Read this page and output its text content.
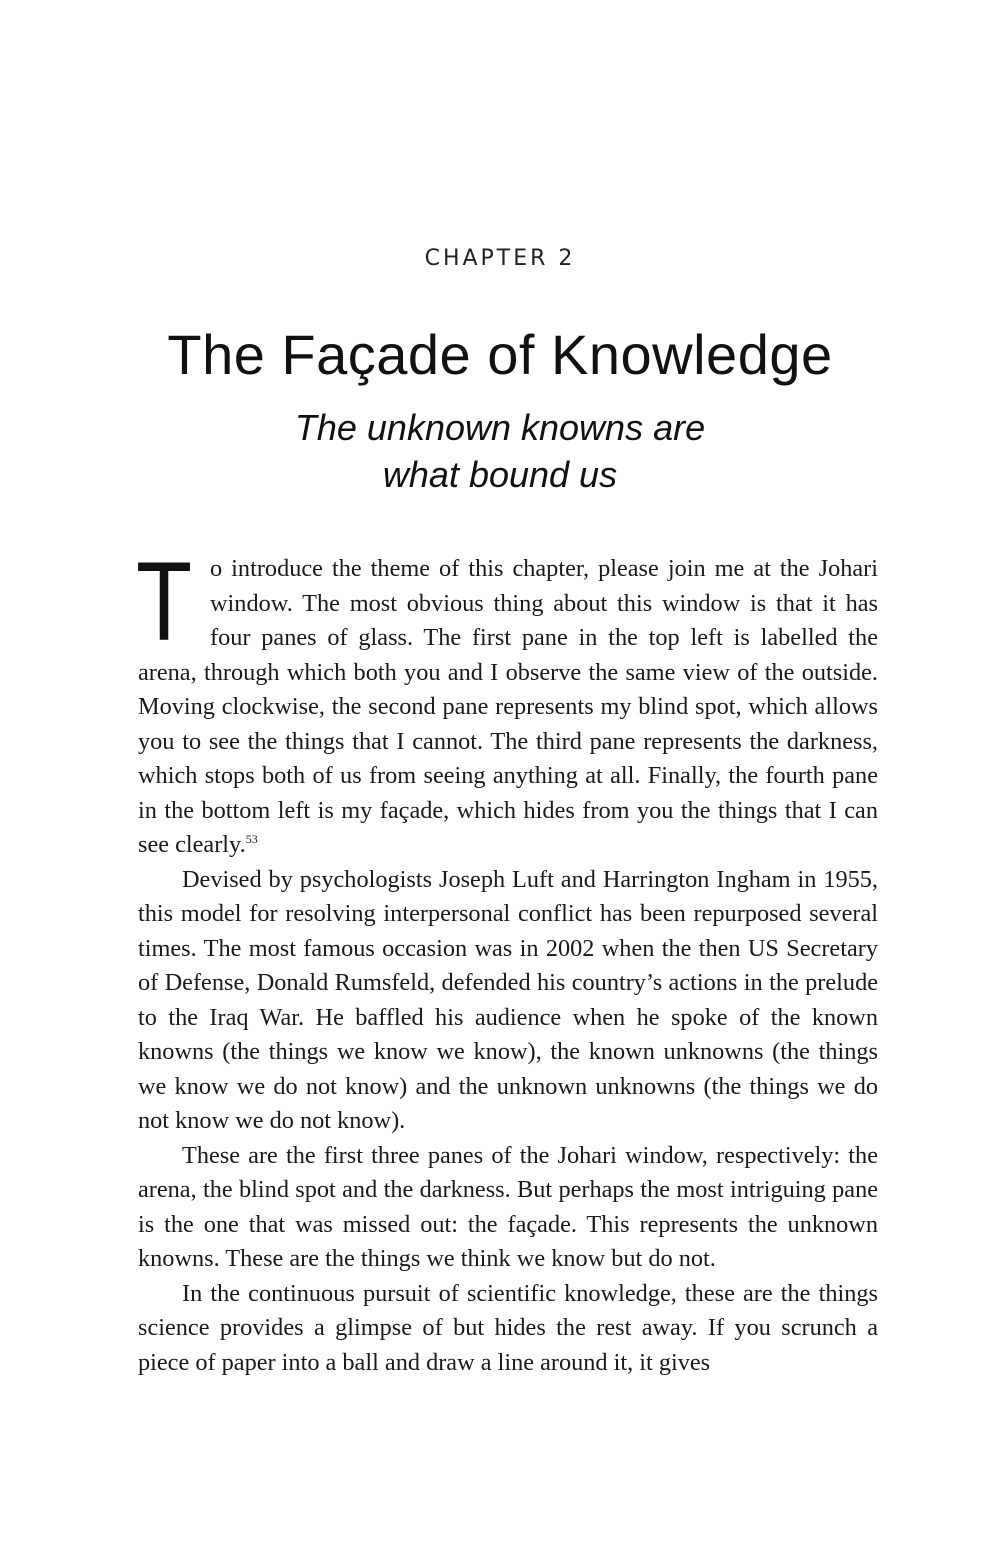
CHAPTER 2
The Façade of Knowledge
The unknown knowns are
what bound us

To introduce the theme of this chapter, please join me at the Johari window. The most obvious thing about this window is that it has four panes of glass. The first pane in the top left is labelled the arena, through which both you and I observe the same view of the outside. Moving clockwise, the second pane represents my blind spot, which allows you to see the things that I cannot. The third pane represents the darkness, which stops both of us from seeing anything at all. Finally, the fourth pane in the bottom left is my façade, which hides from you the things that I can see clearly.$^{53}$

Devised by psychologists Joseph Luft and Harrington Ingham in 1955, this model for resolving interpersonal conflict has been repurposed several times. The most famous occasion was in 2002 when the then US Secretary of Defense, Donald Rumsfeld, defended his country’s actions in the prelude to the Iraq War. He baffled his audience when he spoke of the known knowns (the things we know we know), the known unknowns (the things we know we do not know) and the unknown unknowns (the things we do not know we do not know).

These are the first three panes of the Johari window, respectively: the arena, the blind spot and the darkness. But perhaps the most intriguing pane is the one that was missed out: the façade. This represents the unknown knowns. These are the things we think we know but do not.

In the continuous pursuit of scientific knowledge, these are the things science provides a glimpse of but hides the rest away. If you scrunch a piece of paper into a ball and draw a line around it, it gives
